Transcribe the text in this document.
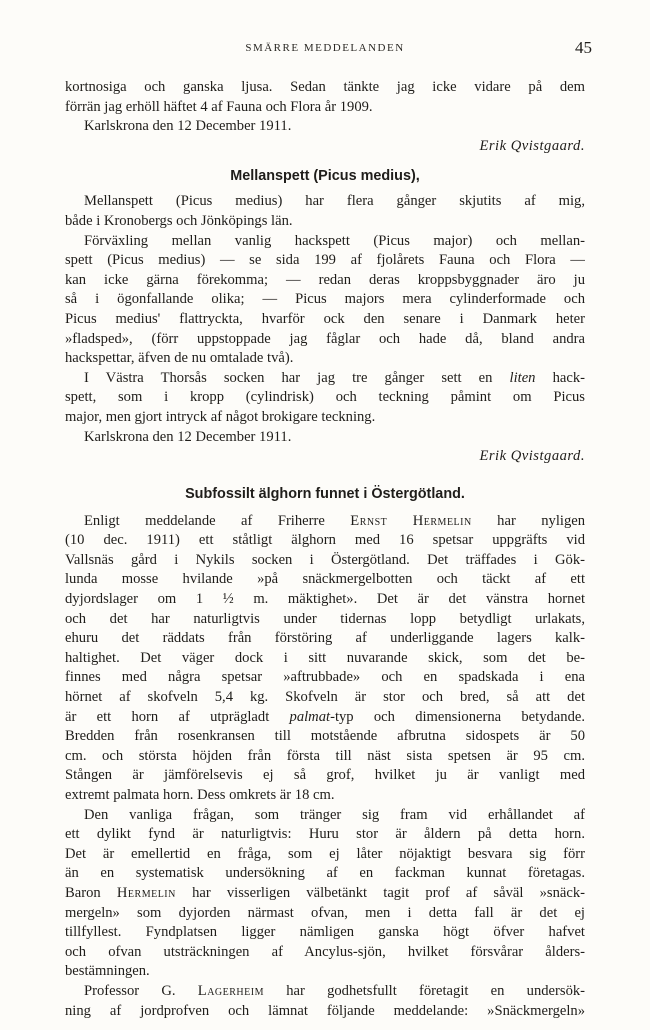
SMÄRRE MEDDELANDEN	45
kortnosiga och ganska ljusa. Sedan tänkte jag icke vidare på dem
förrän jag erhöll häftet 4 af Fauna och Flora år 1909.
Karlskrona den 12 December 1911.
Erik Qvistgaard.
Mellanspett (Picus medius),
Mellanspett (Picus medius) har flera gånger skjutits af mig,
både i Kronobergs och Jönköpings län.
Förväxling mellan vanlig hackspett (Picus major) och mellan-
spett (Picus medius) — se sida 199 af fjolårets Fauna och Flora —
kan icke gärna förekomma; — redan deras kroppsbyggnader äro ju
så i ögonfallande olika; — Picus majors mera cylinderformade och
Picus medius' flattryckta, hvarför ock den senare i Danmark heter
»fladsped», (förr uppstoppade jag fåglar och hade då, bland andra
hackspettar, äfven de nu omtalade två).
I Västra Thorsås socken har jag tre gånger sett en liten hack-
spett, som i kropp (cylindrisk) och teckning påmint om Picus
major, men gjort intryck af något brokigare teckning.
Karlskrona den 12 December 1911.
Erik Qvistgaard.
Subfossilt älghorn funnet i Östergötland.
Enligt meddelande af Friherre Ernst Hermelin har nyligen
(10 dec. 1911) ett ståtligt älghorn med 16 spetsar uppgräfts vid
Vallsnäs gård i Nykils socken i Östergötland. Det träffades i Gök-
lunda mosse hvilande »på snäckmergelbotten och täckt af ett
dyjordslager om 1 ½ m. mäktighet». Det är det vänstra hornet
och det har naturligtvis under tidernas lopp betydligt urlakats,
ehuru det räddats från förstöring af underliggande lagers kalk-
haltighet. Det väger dock i sitt nuvarande skick, som det be-
finnes med några spetsar »aftrubbade» och en spadskada i ena
hörnet af skofveln 5,4 kg. Skofveln är stor och bred, så att det
är ett horn af utprägladt palmat-typ och dimensionerna betydande.
Bredden från rosenkransen till motstående afbrutna sidospets är 50
cm. och största höjden från första till näst sista spetsen är 95 cm.
Stången är jämförelsevis ej så grof, hvilket ju är vanligt med
extremt palmata horn. Dess omkrets är 18 cm.
Den vanliga frågan, som tränger sig fram vid erhållandet af
ett dylikt fynd är naturligtvis: Huru stor är åldern på detta horn.
Det är emellertid en fråga, som ej låter nöjaktigt besvara sig förr
än en systematisk undersökning af en fackman kunnat företagas.
Baron Hermelin har visserligen välbetänkt tagit prof af såväl »snäck-
mergeln» som dyjorden närmast ofvan, men i detta fall är det ej
tillfyllest. Fyndplatsen ligger nämligen ganska högt öfver hafvet
och ofvan utsträckningen af Ancylus-sjön, hvilket försvårar ålders-
bestämningen.
Professor G. Lagerheim har godhetsfullt företagit en undersök-
ning af jordprofven och lämnat följande meddelande: »Snäckmergeln»
